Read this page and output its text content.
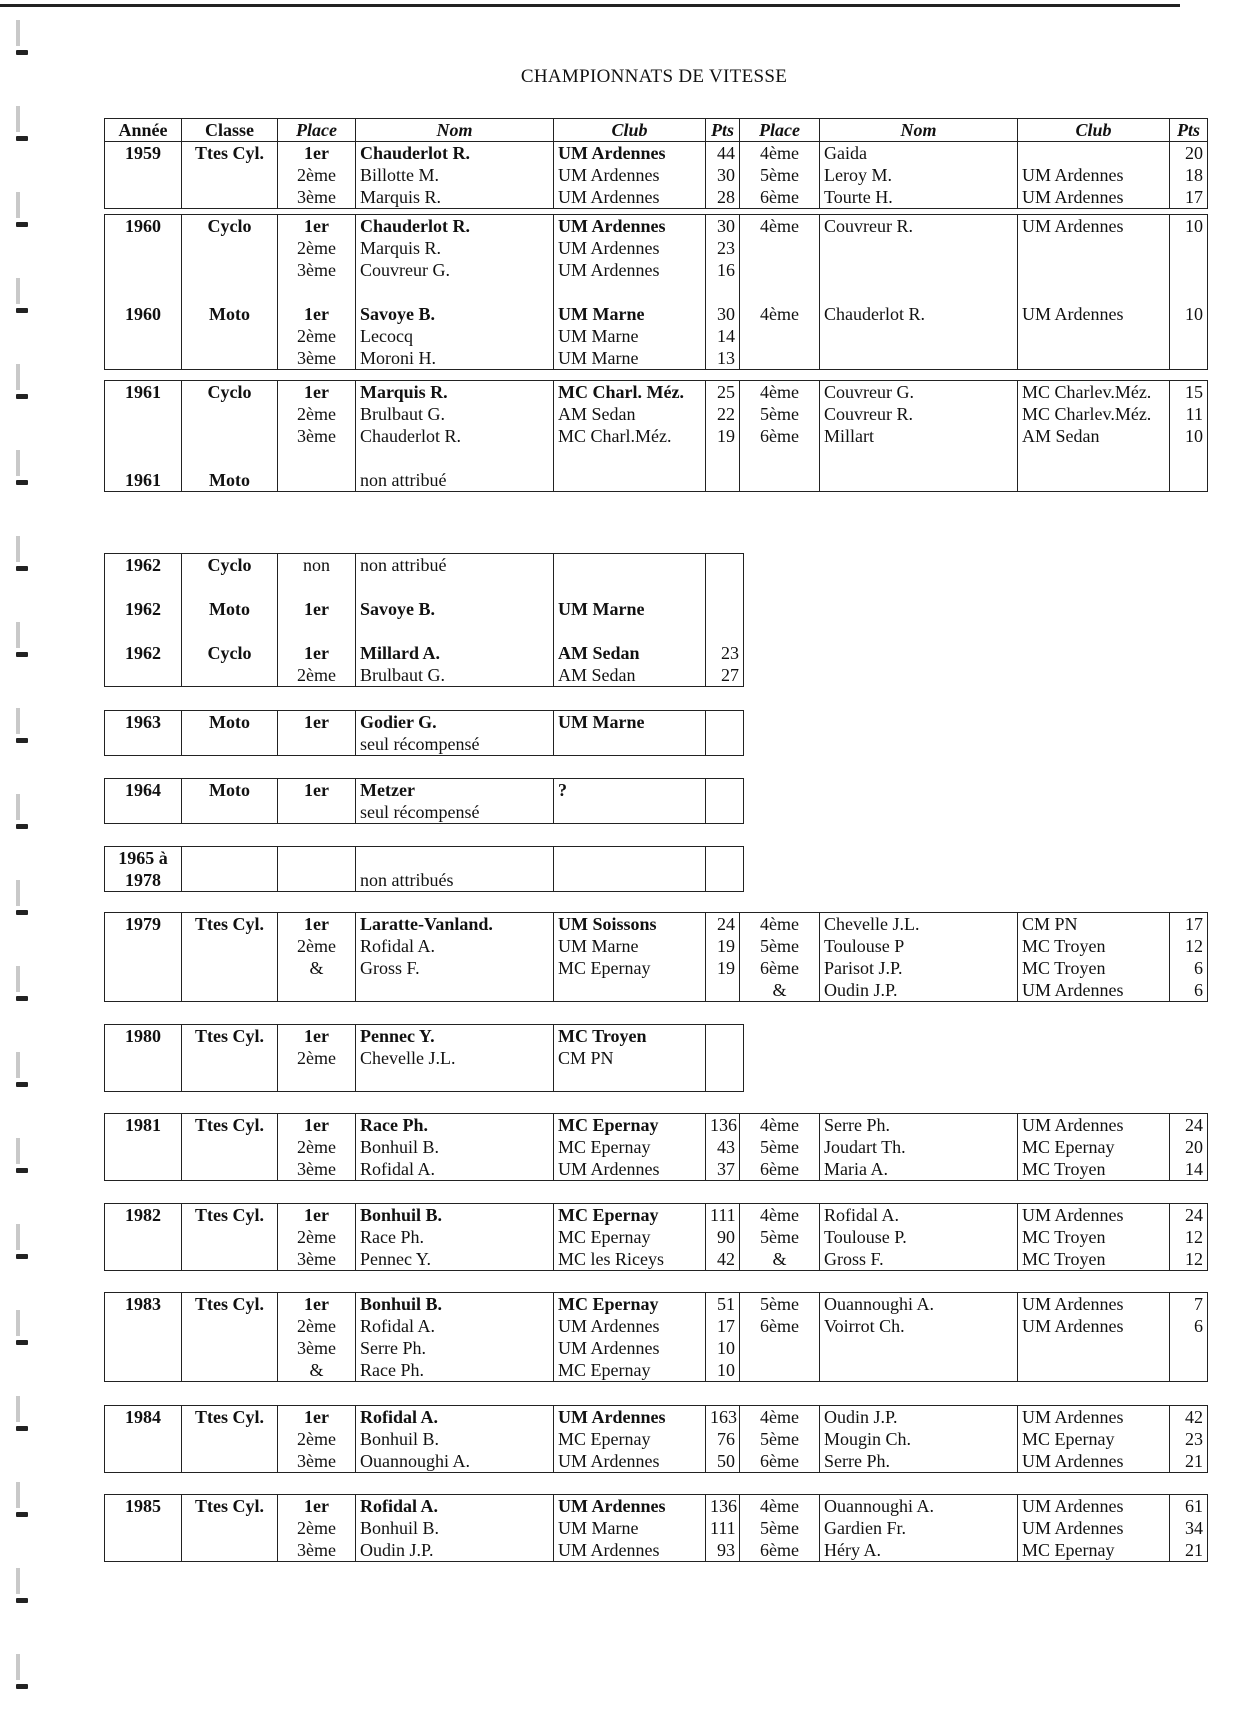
CHAMPIONNATS DE VITESSE
Année	Classe	Place	Nom	Club	Pts	Place	Nom	Club	Pts
1959	Ttes Cyl.	1er	Chauderlot R.	UM Ardennes	44	4ème	Gaida		20
		2ème	Billotte M.	UM Ardennes	30	5ème	Leroy M.	UM Ardennes	18
		3ème	Marquis R.	UM Ardennes	28	6ème	Tourte H.	UM Ardennes	17
1960	Cyclo	1er	Chauderlot R.	UM Ardennes	30	4ème	Couvreur R.	UM Ardennes	10
		2ème	Marquis R.	UM Ardennes	23				
		3ème	Couvreur G.	UM Ardennes	16				

1960	Moto	1er	Savoye B.	UM Marne	30	4ème	Chauderlot R.	UM Ardennes	10
		2ème	Lecocq	UM Marne	14				
		3ème	Moroni H.	UM Marne	13				
1961	Cyclo	1er	Marquis R.	MC Charl. Méz.	25	4ème	Couvreur G.	MC Charlev.Méz.	15
		2ème	Brulbaut G.	AM Sedan	22	5ème	Couvreur R.	MC Charlev.Méz.	11
		3ème	Chauderlot R.	MC Charl.Méz.	19	6ème	Millart	AM Sedan	10

1961	Moto		non attribué						
1962	Cyclo	non	non attribué		

1962	Moto	1er	Savoye B.	UM Marne	

1962	Cyclo	1er	Millard A.	AM Sedan	23
		2ème	Brulbaut G.	AM Sedan	27
1963	Moto	1er	Godier G.	UM Marne	
			seul récompensé		
1964	Moto	1er	Metzer	?	
			seul récompensé		
1965 à					
1978			non attribués		
1979	Ttes Cyl.	1er	Laratte-Vanland.	UM Soissons	24	4ème	Chevelle J.L.	CM PN	17
		2ème	Rofidal A.	UM Marne	19	5ème	Toulouse P	MC Troyen	12
		&	Gross F.	MC Epernay	19	6ème	Parisot J.P.	MC Troyen	6
						&	Oudin J.P.	UM Ardennes	6
1980	Ttes Cyl.	1er	Pennec Y.	MC Troyen	
		2ème	Chevelle J.L.	CM PN	

1981	Ttes Cyl.	1er	Race Ph.	MC Epernay	136	4ème	Serre Ph.	UM Ardennes	24
		2ème	Bonhuil B.	MC Epernay	43	5ème	Joudart Th.	MC Epernay	20
		3ème	Rofidal A.	UM Ardennes	37	6ème	Maria A.	MC Troyen	14
1982	Ttes Cyl.	1er	Bonhuil B.	MC Epernay	111	4ème	Rofidal A.	UM Ardennes	24
		2ème	Race Ph.	MC Epernay	90	5ème	Toulouse P.	MC Troyen	12
		3ème	Pennec Y.	MC les Riceys	42	&	Gross F.	MC Troyen	12
1983	Ttes Cyl.	1er	Bonhuil B.	MC Epernay	51	5ème	Ouannoughi A.	UM Ardennes	7
		2ème	Rofidal A.	UM Ardennes	17	6ème	Voirrot Ch.	UM Ardennes	6
		3ème	Serre Ph.	UM Ardennes	10				
		&	Race Ph.	MC Epernay	10				
1984	Ttes Cyl.	1er	Rofidal A.	UM Ardennes	163	4ème	Oudin J.P.	UM Ardennes	42
		2ème	Bonhuil B.	MC Epernay	76	5ème	Mougin Ch.	MC Epernay	23
		3ème	Ouannoughi A.	UM Ardennes	50	6ème	Serre Ph.	UM Ardennes	21
1985	Ttes Cyl.	1er	Rofidal A.	UM Ardennes	136	4ème	Ouannoughi A.	UM Ardennes	61
		2ème	Bonhuil B.	UM Marne	111	5ème	Gardien Fr.	UM Ardennes	34
		3ème	Oudin J.P.	UM Ardennes	93	6ème	Héry A.	MC Epernay	21
